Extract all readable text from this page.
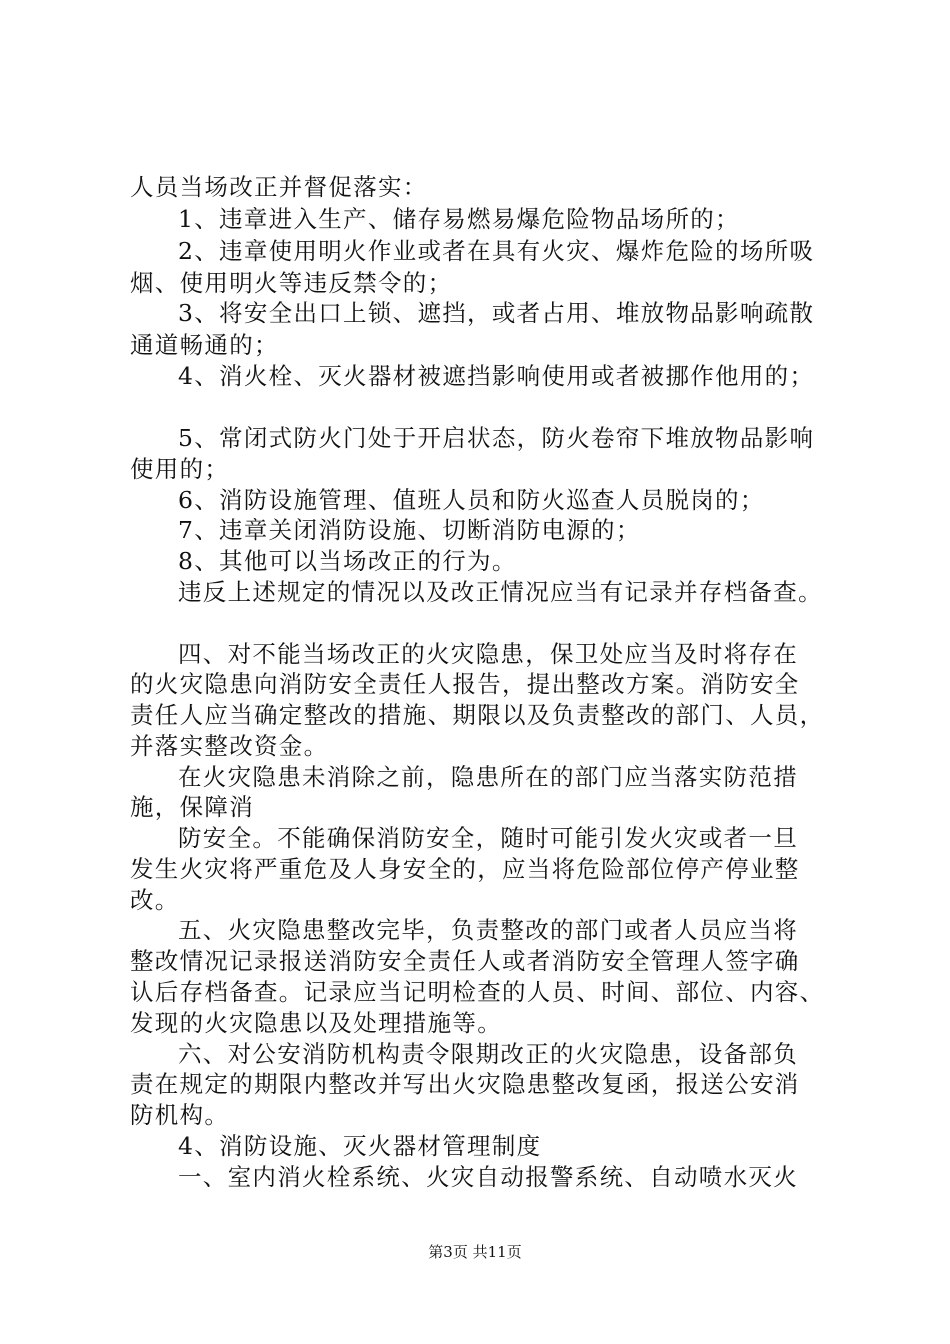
人员当场改正并督促落实：
1、违章进入生产、储存易燃易爆危险物品场所的；
2、违章使用明火作业或者在具有火灾、爆炸危险的场所吸
烟、使用明火等违反禁令的；
3、将安全出口上锁、遮挡，或者占用、堆放物品影响疏散
通道畅通的；
4、消火栓、灭火器材被遮挡影响使用或者被挪作他用的；
5、常闭式防火门处于开启状态，防火卷帘下堆放物品影响
使用的；
6、消防设施管理、值班人员和防火巡查人员脱岗的；
7、违章关闭消防设施、切断消防电源的；
8、其他可以当场改正的行为。
违反上述规定的情况以及改正情况应当有记录并存档备查。
四、对不能当场改正的火灾隐患，保卫处应当及时将存在
的火灾隐患向消防安全责任人报告，提出整改方案。消防安全
责任人应当确定整改的措施、期限以及负责整改的部门、人员，
并落实整改资金。
在火灾隐患未消除之前，隐患所在的部门应当落实防范措
施，保障消
防安全。不能确保消防安全，随时可能引发火灾或者一旦
发生火灾将严重危及人身安全的，应当将危险部位停产停业整
改。
五、火灾隐患整改完毕，负责整改的部门或者人员应当将
整改情况记录报送消防安全责任人或者消防安全管理人签字确
认后存档备查。记录应当记明检查的人员、时间、部位、内容、
发现的火灾隐患以及处理措施等。
六、对公安消防机构责令限期改正的火灾隐患，设备部负
责在规定的期限内整改并写出火灾隐患整改复函，报送公安消
防机构。
4、消防设施、灭火器材管理制度
一、室内消火栓系统、火灾自动报警系统、自动喷水灭火
第3页 共11页
